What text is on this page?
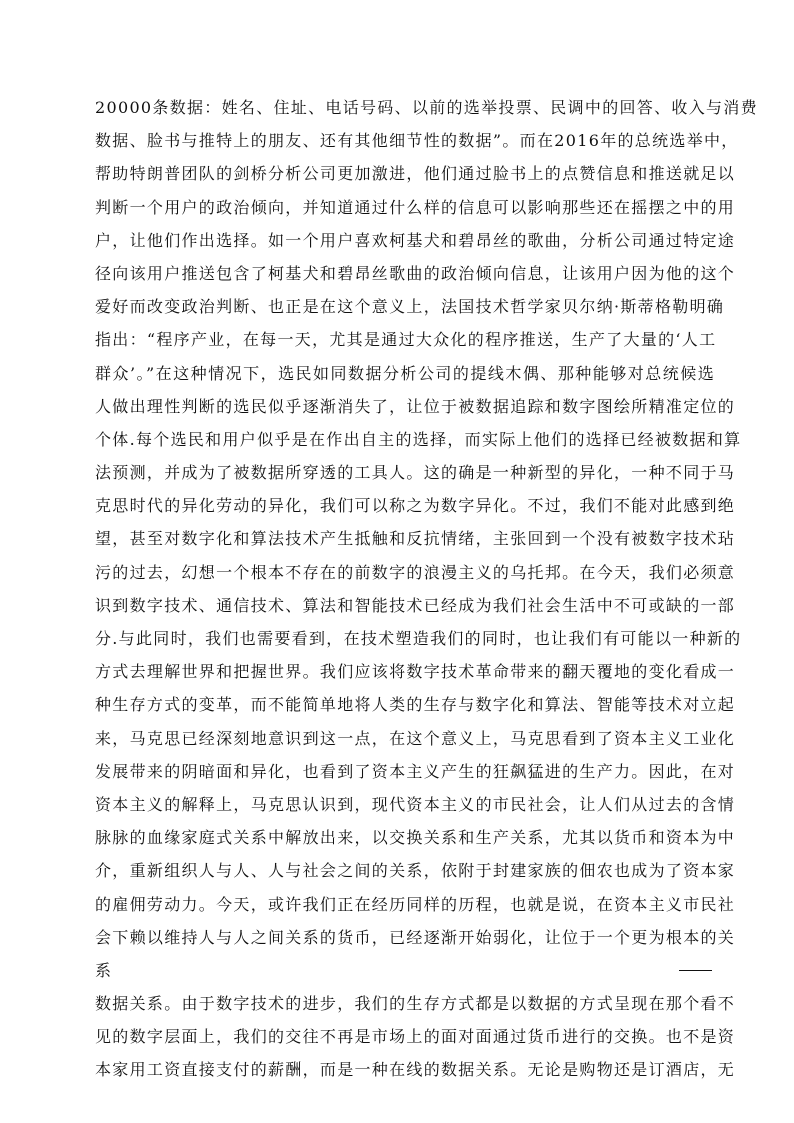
20000条数据：姓名、住址、电话号码、以前的选举投票、民调中的回答、收入与消费
数据、脸书与推特上的朋友、还有其他细节性的数据”。而在2016年的总统选举中，
帮助特朗普团队的剑桥分析公司更加激进，他们通过脸书上的点赞信息和推送就足以
判断一个用户的政治倾向，并知道通过什么样的信息可以影响那些还在摇摆之中的用
户，让他们作出选择。如一个用户喜欢柯基犬和碧昂丝的歌曲，分析公司通过特定途
径向该用户推送包含了柯基犬和碧昂丝歌曲的政治倾向信息，让该用户因为他的这个
爱好而改变政治判断、也正是在这个意义上，法国技术哲学家贝尔纳·斯蒂格勒明确
指出：“程序产业，在每一天，尤其是通过大众化的程序推送，生产了大量的‘人工
群众’。”在这种情况下，选民如同数据分析公司的提线木偶、那种能够对总统候选
人做出理性判断的选民似乎逐渐消失了，让位于被数据追踪和数字图绘所精准定位的
个体.每个选民和用户似乎是在作出自主的选择，而实际上他们的选择已经被数据和算
法预测，并成为了被数据所穿透的工具人。这的确是一种新型的异化，一种不同于马
克思时代的异化劳动的异化，我们可以称之为数字异化。不过，我们不能对此感到绝
望，甚至对数字化和算法技术产生抵触和反抗情绪，主张回到一个没有被数字技术玷
污的过去，幻想一个根本不存在的前数字的浪漫主义的乌托邦。在今天，我们必须意
识到数字技术、通信技术、算法和智能技术已经成为我们社会生活中不可或缺的一部
分.与此同时，我们也需要看到，在技术塑造我们的同时，也让我们有可能以一种新的
方式去理解世界和把握世界。我们应该将数字技术革命带来的翻天覆地的变化看成一
种生存方式的变革，而不能简单地将人类的生存与数字化和算法、智能等技术对立起
来，马克思已经深刻地意识到这一点，在这个意义上，马克思看到了资本主义工业化
发展带来的阴暗面和异化，也看到了资本主义产生的狂飙猛进的生产力。因此，在对
资本主义的解释上，马克思认识到，现代资本主义的市民社会，让人们从过去的含情
脉脉的血缘家庭式关系中解放出来，以交换关系和生产关系，尤其以货币和资本为中
介，重新组织人与人、人与社会之间的关系，依附于封建家族的佃农也成为了资本家
的雇佣劳动力。今天，或许我们正在经历同样的历程，也就是说，在资本主义市民社
会下赖以维持人与人之间关系的货币，已经逐渐开始弱化，让位于一个更为根本的关
系
数据关系。由于数字技术的进步，我们的生存方式都是以数据的方式呈现在那个看不
见的数字层面上，我们的交往不再是市场上的面对面通过货币进行的交换。也不是资
本家用工资直接支付的薪酬，而是一种在线的数据关系。无论是购物还是订酒店，无
